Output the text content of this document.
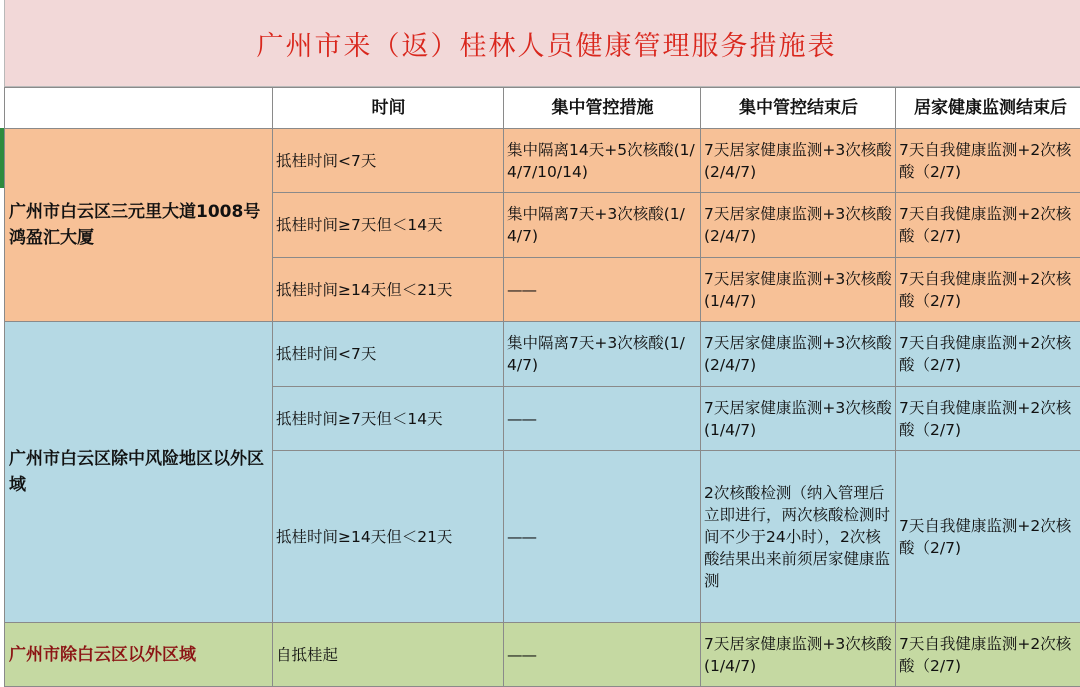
广州市来（返）桂林人员健康管理服务措施表
	时间	集中管控措施	集中管控结束后	居家健康监测结束后
广州市白云区三元里大道1008号鸿盈汇大厦	抵桂时间<7天	集中隔离14天+5次核酸(1/4/7/10/14)	7天居家健康监测+3次核酸(2/4/7)	7天自我健康监测+2次核酸（2/7)
	抵桂时间≥7天但＜14天	集中隔离7天+3次核酸(1/4/7)	7天居家健康监测+3次核酸(2/4/7)	7天自我健康监测+2次核酸（2/7)
	抵桂时间≥14天但＜21天	——	7天居家健康监测+3次核酸(1/4/7)	7天自我健康监测+2次核酸（2/7)
广州市白云区除中风险地区以外区域	抵桂时间<7天	集中隔离7天+3次核酸(1/4/7)	7天居家健康监测+3次核酸(2/4/7)	7天自我健康监测+2次核酸（2/7)
	抵桂时间≥7天但＜14天	——	7天居家健康监测+3次核酸(1/4/7)	7天自我健康监测+2次核酸（2/7)
	抵桂时间≥14天但＜21天	——	2次核酸检测（纳入管理后立即进行，两次核酸检测时间不少于24小时），2次核酸结果出来前须居家健康监测	7天自我健康监测+2次核酸（2/7)
广州市除白云区以外区域	自抵桂起	——	7天居家健康监测+3次核酸(1/4/7)	7天自我健康监测+2次核酸（2/7)
